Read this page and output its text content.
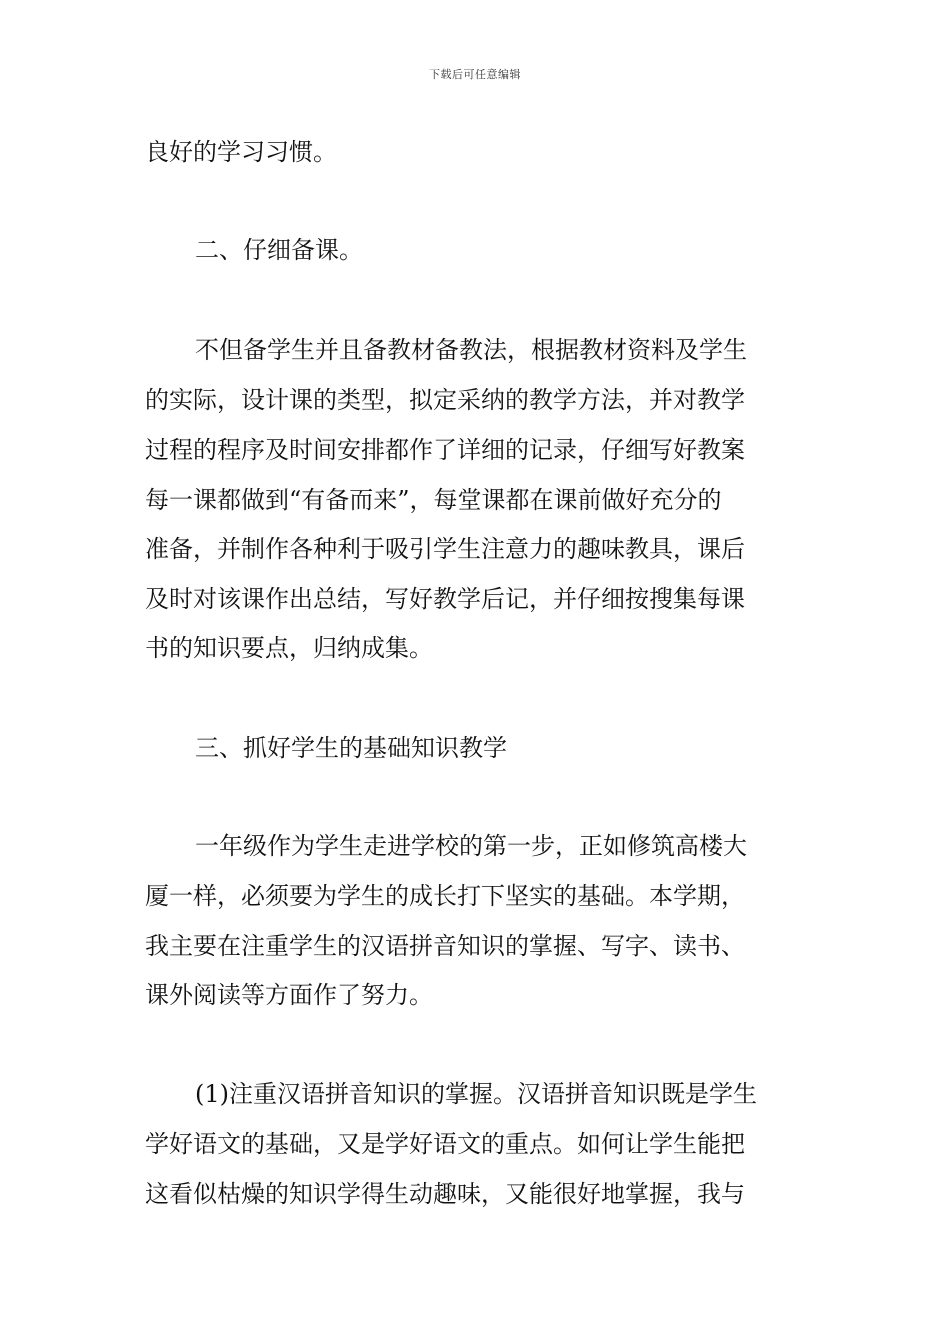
下载后可任意编辑
良好的学习习惯。
二、仔细备课。
不但备学生并且备教材备教法，根据教材资料及学生
的实际，设计课的类型，拟定采纳的教学方法，并对教学
过程的程序及时间安排都作了详细的记录，仔细写好教案
每一课都做到“有备而来”，每堂课都在课前做好充分的
准备，并制作各种利于吸引学生注意力的趣味教具，课后
及时对该课作出总结，写好教学后记，并仔细按搜集每课
书的知识要点，归纳成集。
三、抓好学生的基础知识教学
一年级作为学生走进学校的第一步，正如修筑高楼大
厦一样，必须要为学生的成长打下坚实的基础。本学期，
我主要在注重学生的汉语拼音知识的掌握、写字、读书、
课外阅读等方面作了努力。
(1)注重汉语拼音知识的掌握。汉语拼音知识既是学生
学好语文的基础，又是学好语文的重点。如何让学生能把
这看似枯燥的知识学得生动趣味，又能很好地掌握，我与
